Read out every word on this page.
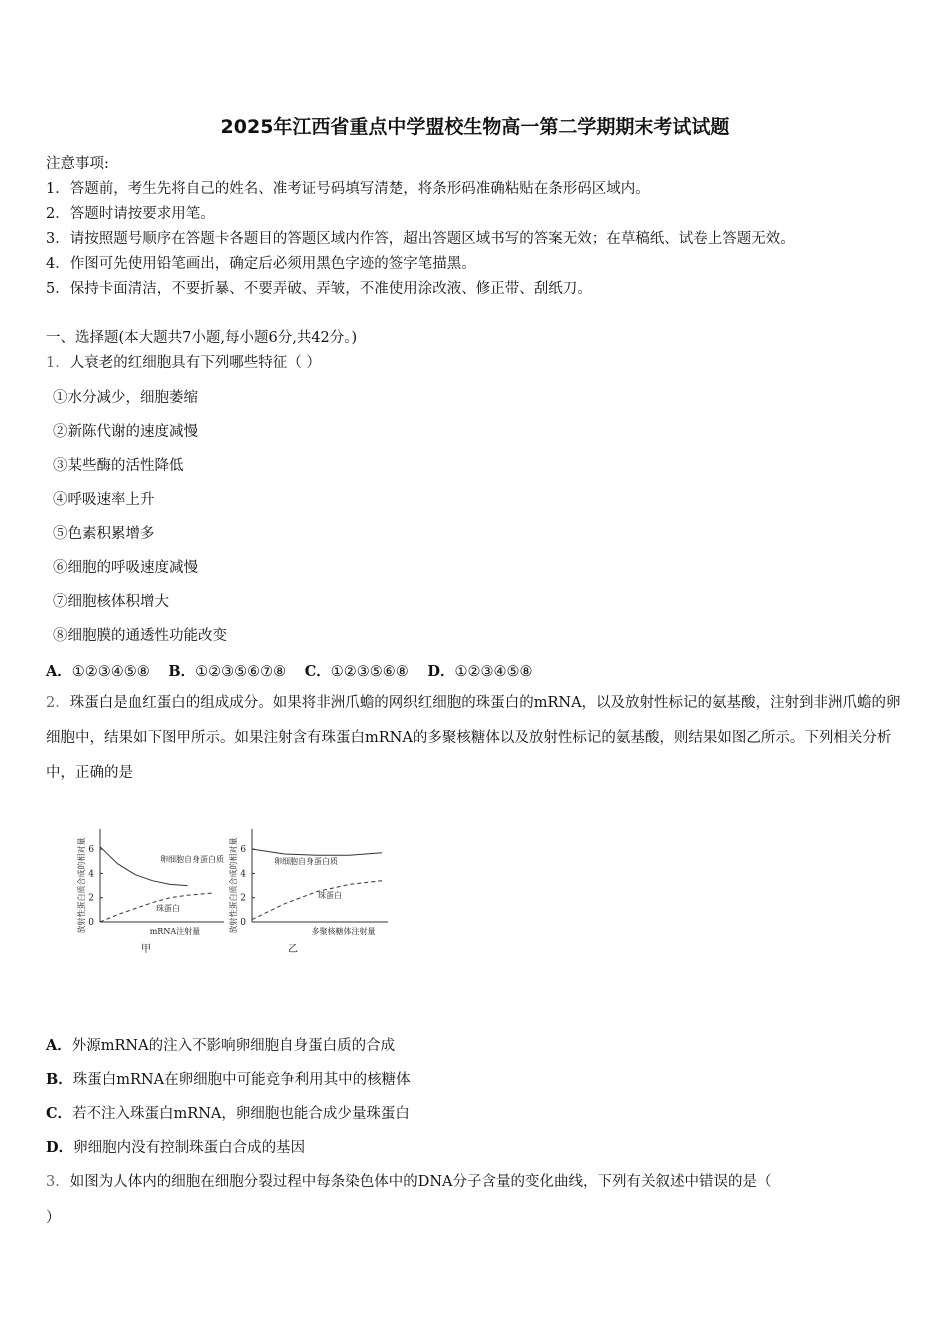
2025年江西省重点中学盟校生物高一第二学期期末考试试题
注意事项:
1．答题前，考生先将自己的姓名、准考证号码填写清楚，将条形码准确粘贴在条形码区域内。
2．答题时请按要求用笔。
3．请按照题号顺序在答题卡各题目的答题区域内作答，超出答题区域书写的答案无效；在草稿纸、试卷上答题无效。
4．作图可先使用铅笔画出，确定后必须用黑色字迹的签字笔描黑。
5．保持卡面清洁，不要折暴、不要弄破、弄皱，不准使用涂改液、修正带、刮纸刀。
一、选择题(本大题共7小题,每小题6分,共42分。)
1．人衰老的红细胞具有下列哪些特征（ ）
①水分减少，细胞萎缩
②新陈代谢的速度减慢
③某些酶的活性降低
④呼吸速率上升
⑤色素积累增多
⑥细胞的呼吸速度减慢
⑦细胞核体积增大
⑧细胞膜的通透性功能改变
A．①②③④⑤⑧ B．①②③⑤⑥⑦⑧ C．①②③⑤⑥⑧ D．①②③④⑤⑧
2．珠蛋白是血红蛋白的组成成分。如果将非洲爪蟾的网织红细胞的珠蛋白的mRNA，以及放射性标记的氨基酸，注射到非洲爪蟾的卵细胞中，结果如下图甲所示。如果注射含有珠蛋白mRNA的多聚核糖体以及放射性标记的氨基酸，则结果如图乙所示。下列相关分析中，正确的是
0
2
4
6
放射性蛋白质合成的相对量	mRNA注射量
甲
卵细胞自身蛋白质
珠蛋白
0
2
4
6
放射性蛋白质合成的相对量	多聚核糖体注射量
乙
卵细胞自身蛋白质
珠蛋白
A．外源mRNA的注入不影响卵细胞自身蛋白质的合成
B．珠蛋白mRNA在卵细胞中可能竞争利用其中的核糖体
C．若不注入珠蛋白mRNA，卵细胞也能合成少量珠蛋白
D．卵细胞内没有控制珠蛋白合成的基因
3．如图为人体内的细胞在细胞分裂过程中每条染色体中的DNA分子含量的变化曲线，下列有关叙述中错误的是（
）
